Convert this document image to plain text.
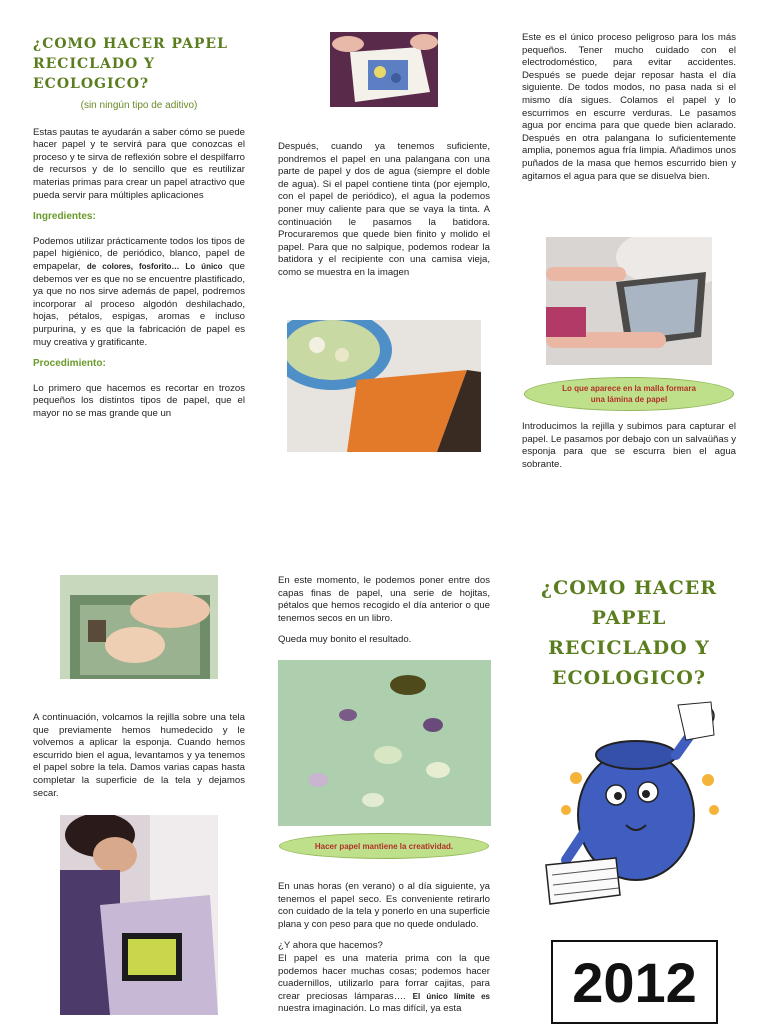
¿COMO HACER PAPEL RECICLADO Y ECOLOGICO?
(sin ningún tipo de aditivo)

Estas pautas te ayudarán a saber cómo se puede hacer papel y te servirá para que conozcas el proceso y te sirva de reflexión sobre el despilfarro de recursos y de lo sencillo que es reutilizar materias primas para crear un papel atractivo que pueda servir para múltiples aplicaciones

Ingredientes:

Podemos utilizar prácticamente todos los tipos de papel higiénico, de periódico, blanco, papel de empapelar, de colores, fosforito… Lo único que debemos ver es que no se encuentre plastificado, ya que no nos sirve además de papel, podremos incorporar al proceso algodón deshilachado, hojas, pétalos, espigas, aromas e incluso purpurina, y es que la fabricación de papel es muy creativa y gratificante.

Procedimiento:

Lo primero que hacemos es recortar en trozos pequeños los distintos tipos de papel, que el mayor no se mas grande que un

Después, cuando ya tenemos suficiente, pondremos el papel en una palangana con una parte de papel y dos de agua (siempre el doble de agua). Si el papel contiene tinta (por ejemplo, con el papel de periódico), el agua la podemos poner muy caliente para que se vaya la tinta. A continuación le pasamos la batidora. Procuraremos que quede bien finito y molido el papel. Para que no salpique, podemos rodear la batidora y el recipiente con una camisa vieja, como se muestra en la imagen

Este es el único proceso peligroso para los más pequeños. Tener mucho cuidado con el electrodoméstico, para evitar accidentes. Después se puede dejar reposar hasta el día siguiente. De todos modos, no pasa nada si el mismo día sigues. Colamos el papel y lo escurrimos en escurre verduras. Le pasamos agua por encima para que quede bien aclarado. Después en otra palangana lo suficientemente amplia, ponemos agua fría limpia. Añadimos unos puñados de la masa que hemos escurrido bien y agitamos el agua para que se disuelva bien.

Lo que aparece en la malla formara una lámina de papel

Introducimos la rejilla y subimos para capturar el papel. Le pasamos por debajo con un salvaüñas y esponja para que se escurra bien el agua sobrante.

A continuación, volcamos la rejilla sobre una tela que previamente hemos humedecido y le volvemos a aplicar la esponja. Cuando hemos escurrido bien el agua, levantamos y ya tenemos el papel sobre la tela. Damos varias capas hasta completar la superficie de la tela y dejamos secar.

En este momento, le podemos poner entre dos capas finas de papel, una serie de hojitas, pétalos que hemos recogido el día anterior o que tenemos secos en un libro.

Queda muy bonito el resultado.

Hacer papel mantiene la creatividad.

En unas horas (en verano) o al día siguiente, ya tenemos el papel seco. Es conveniente retirarlo con cuidado de la tela y ponerlo en una superficie plana y con peso para que no quede ondulado.

¿Y ahora que hacemos?

El papel es una materia prima con la que podemos hacer muchas cosas; podemos hacer cuadernillos, utilizarlo para forrar cajitas, para crear preciosas lámparas…. El único límite es nuestra imaginación. Lo mas difícil, ya esta

¿COMO HACER PAPEL RECICLADO Y ECOLOGICO?
2012
